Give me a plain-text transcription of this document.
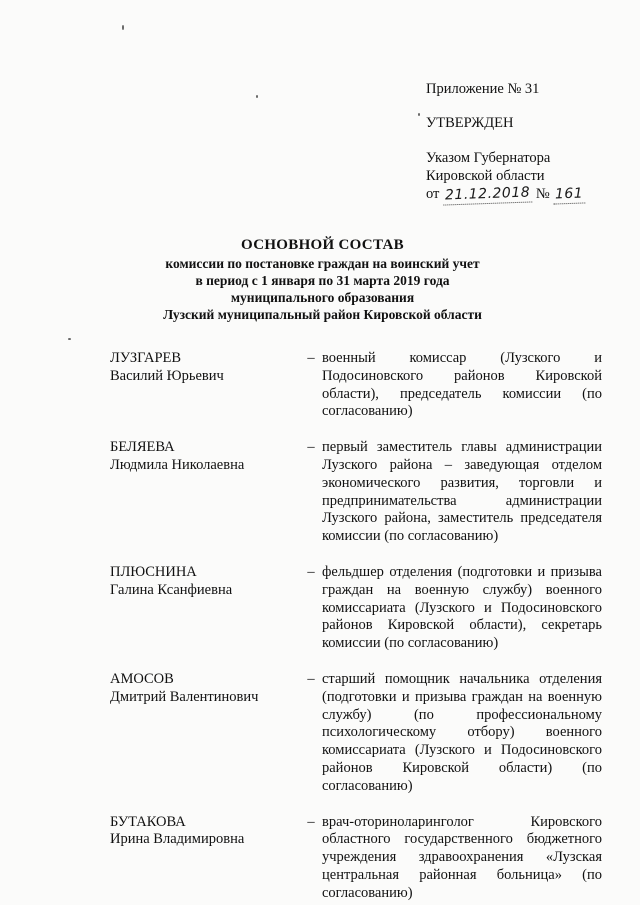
Приложение № 31
УТВЕРЖДЕН
Указом Губернатора
Кировской области
от 21.12.2018 № 161
ОСНОВНОЙ СОСТАВ
комиссии по постановке граждан на воинский учет
в период с 1 января по 31 марта 2019 года
муниципального образования
Лузский муниципальный район Кировской области
ЛУЗГАРЕВ
Василий Юрьевич
– военный комиссар (Лузского и Подосиновского районов Кировской области), председатель комиссии (по согласованию)
БЕЛЯЕВА
Людмила Николаевна
– первый заместитель главы администрации Лузского района – заведующая отделом экономического развития, торговли и предпринимательства администрации Лузского района, заместитель председателя комиссии (по согласованию)
ПЛЮСНИНА
Галина Ксанфиевна
– фельдшер отделения (подготовки и призыва граждан на военную службу) военного комиссариата (Лузского и Подосиновского районов Кировской области), секретарь комиссии (по согласованию)
АМОСОВ
Дмитрий Валентинович
– старший помощник начальника отделения (подготовки и призыва граждан на военную службу) (по профессиональному психологическому отбору) военного комиссариата (Лузского и Подосиновского районов Кировской области) (по согласованию)
БУТАКОВА
Ирина Владимировна
– врач-оториноларинголог Кировского областного государственного бюджетного учреждения здравоохранения «Лузская центральная районная больница» (по согласованию)
